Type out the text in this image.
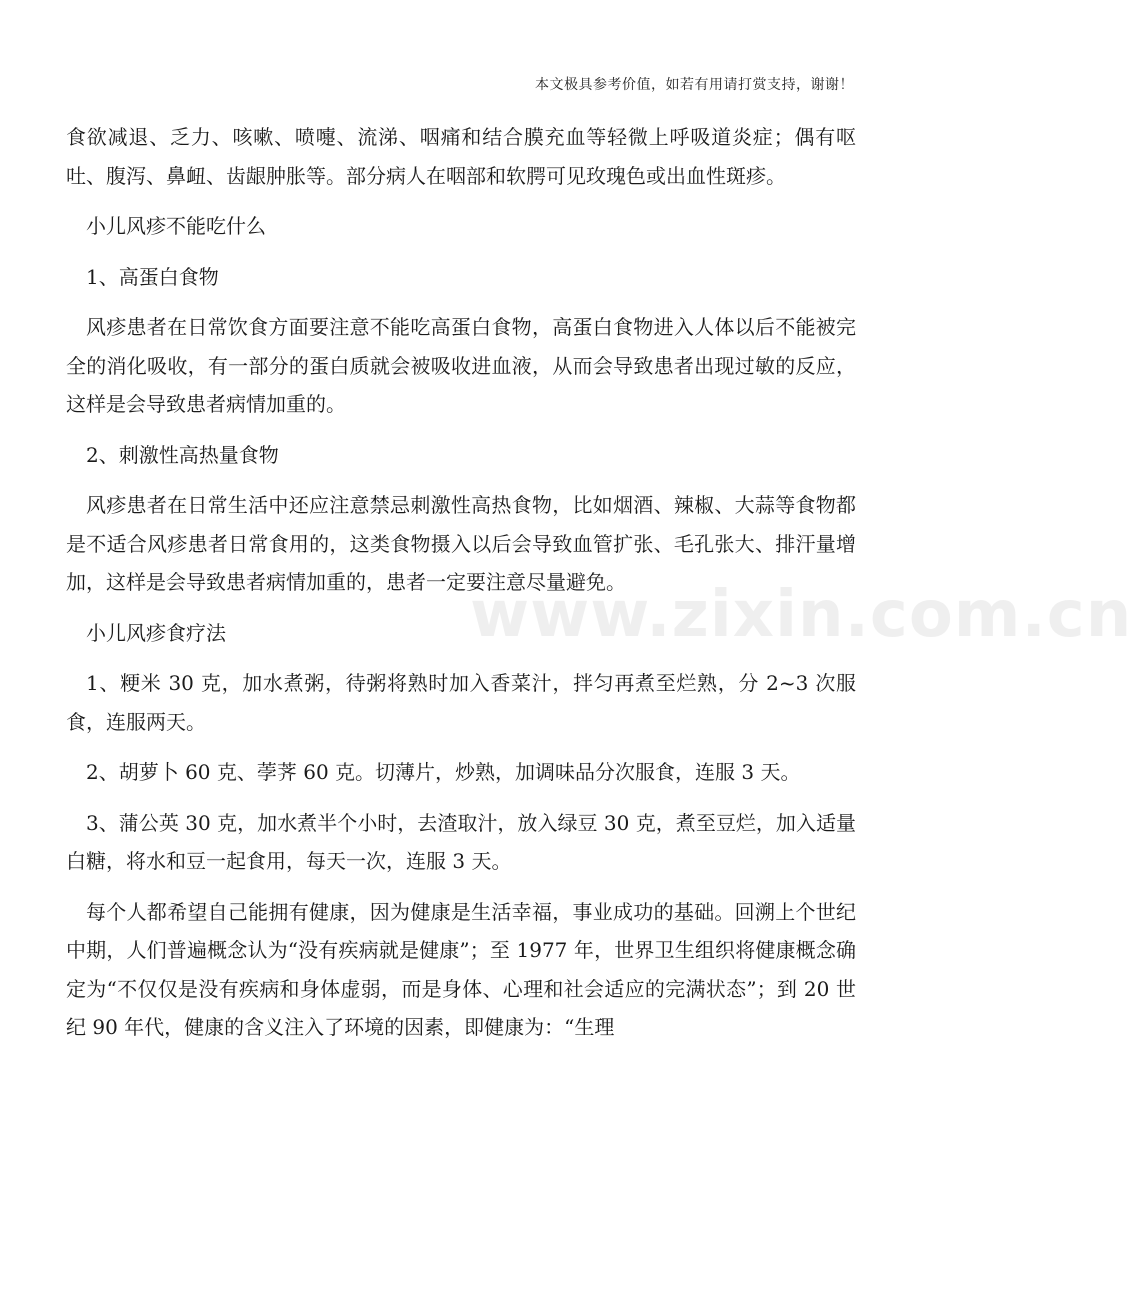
本文极具参考价值，如若有用请打赏支持，谢谢！
www.zixin.com.cn

食欲减退、乏力、咳嗽、喷嚏、流涕、咽痛和结合膜充血等轻微上呼吸道炎症；偶有呕吐、腹泻、鼻衄、齿龈肿胀等。部分病人在咽部和软腭可见玫瑰色或出血性斑疹。

小儿风疹不能吃什么

1、高蛋白食物

风疹患者在日常饮食方面要注意不能吃高蛋白食物，高蛋白食物进入人体以后不能被完全的消化吸收，有一部分的蛋白质就会被吸收进血液，从而会导致患者出现过敏的反应，这样是会导致患者病情加重的。

2、刺激性高热量食物

风疹患者在日常生活中还应注意禁忌刺激性高热食物，比如烟酒、辣椒、大蒜等食物都是不适合风疹患者日常食用的，这类食物摄入以后会导致血管扩张、毛孔张大、排汗量增加，这样是会导致患者病情加重的，患者一定要注意尽量避免。

小儿风疹食疗法

1、粳米 30 克，加水煮粥，待粥将熟时加入香菜汁，拌匀再煮至烂熟，分 2~3 次服食，连服两天。

2、胡萝卜 60 克、荸荠 60 克。切薄片，炒熟，加调味品分次服食，连服 3 天。

3、蒲公英 30 克，加水煮半个小时，去渣取汁，放入绿豆 30 克，煮至豆烂，加入适量白糖，将水和豆一起食用，每天一次，连服 3 天。

每个人都希望自己能拥有健康，因为健康是生活幸福，事业成功的基础。回溯上个世纪中期，人们普遍概念认为“没有疾病就是健康”；至 1977 年，世界卫生组织将健康概念确定为“不仅仅是没有疾病和身体虚弱，而是身体、心理和社会适应的完满状态”；到 20 世纪 90 年代，健康的含义注入了环境的因素，即健康为：“生理
